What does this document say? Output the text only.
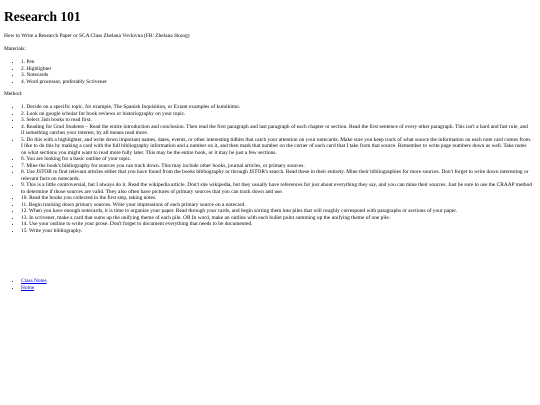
Research 101

How to Write a Research Paper or SCA Class Zhelana Vovkivna (FB: Zhelana Skoog)

Materials:

• 1. Pen
• 2. Highlighter
• 3. Notecards
• 4. Word processor, preferably Scrivener

Method:

• 1. Decide on a specific topic, for example, The Spanish Inquisition, or Extant examples of kumihimo.
• 2. Look on google scholar for book reviews or historiography on your topic.
• 3. Select 3ish books to read first.
• 4. Reading for Grad Students – Read the entire introduction and conclusion. Then read the first paragraph and last paragraph of each chapter or section. Read the first sentence of every other paragraph. This isn't a hard and fast rule, and if something catches your interest, by all means read more.
• 5. Do this with a highlighter, and write down important names, dates, events, or other interesting tidbits that catch your attention on your notecards. Make sure you keep track of what source the information on each note card comes from. I like to do this by making a card with the full bibliography information and a number on it, and then mark that number on the corner of each card that I take from that source. Remember to write page numbers down as well. Take notes on what sections you might want to read more fully later. This may be the entire book, or it may be just a few sections.
• 6. You are looking for a basic outline of your topic.
• 7. Mine the book's bibliography for sources you can track down. This may include other books, journal articles, or primary sources.
• 8. Use JSTOR to find relevant articles either that you have found from the books bibliography or through JSTOR's search. Read these in their entirety. Mine their bibliographies for more sources. Don't forget to write down interesting or relevant facts on notecards.
• 9. This is a little controversial, but I always do it. Read the wikipedia article. Don't site wikipedia, but they usually have references for just about everything they say, and you can mine their sources. Just be sure to use the CRAAP method to determine if those sources are valid. They also often have pictures of primary sources that you can track down and use.
• 10. Read the books you collected in the first step, taking notes.
• 11. Begin tracking down primary sources. Write your impressions of each primary source on a notecard.
• 12. When you have enough notecards, it is time to organize your paper. Read through your cards, and begin sorting them into piles that will roughly correspond with paragraphs or sections of your paper.
• 13. In scrivener, make a card that sums up the unifying theme of each pile. OR In word, make an outline with each bullet point summing up the unifying theme of one pile.
• 14. Use your outline to write your prose. Don't forget to document everything that needs to be documented.
• 15. Write your bibliography.
• Class Notes
• Home
